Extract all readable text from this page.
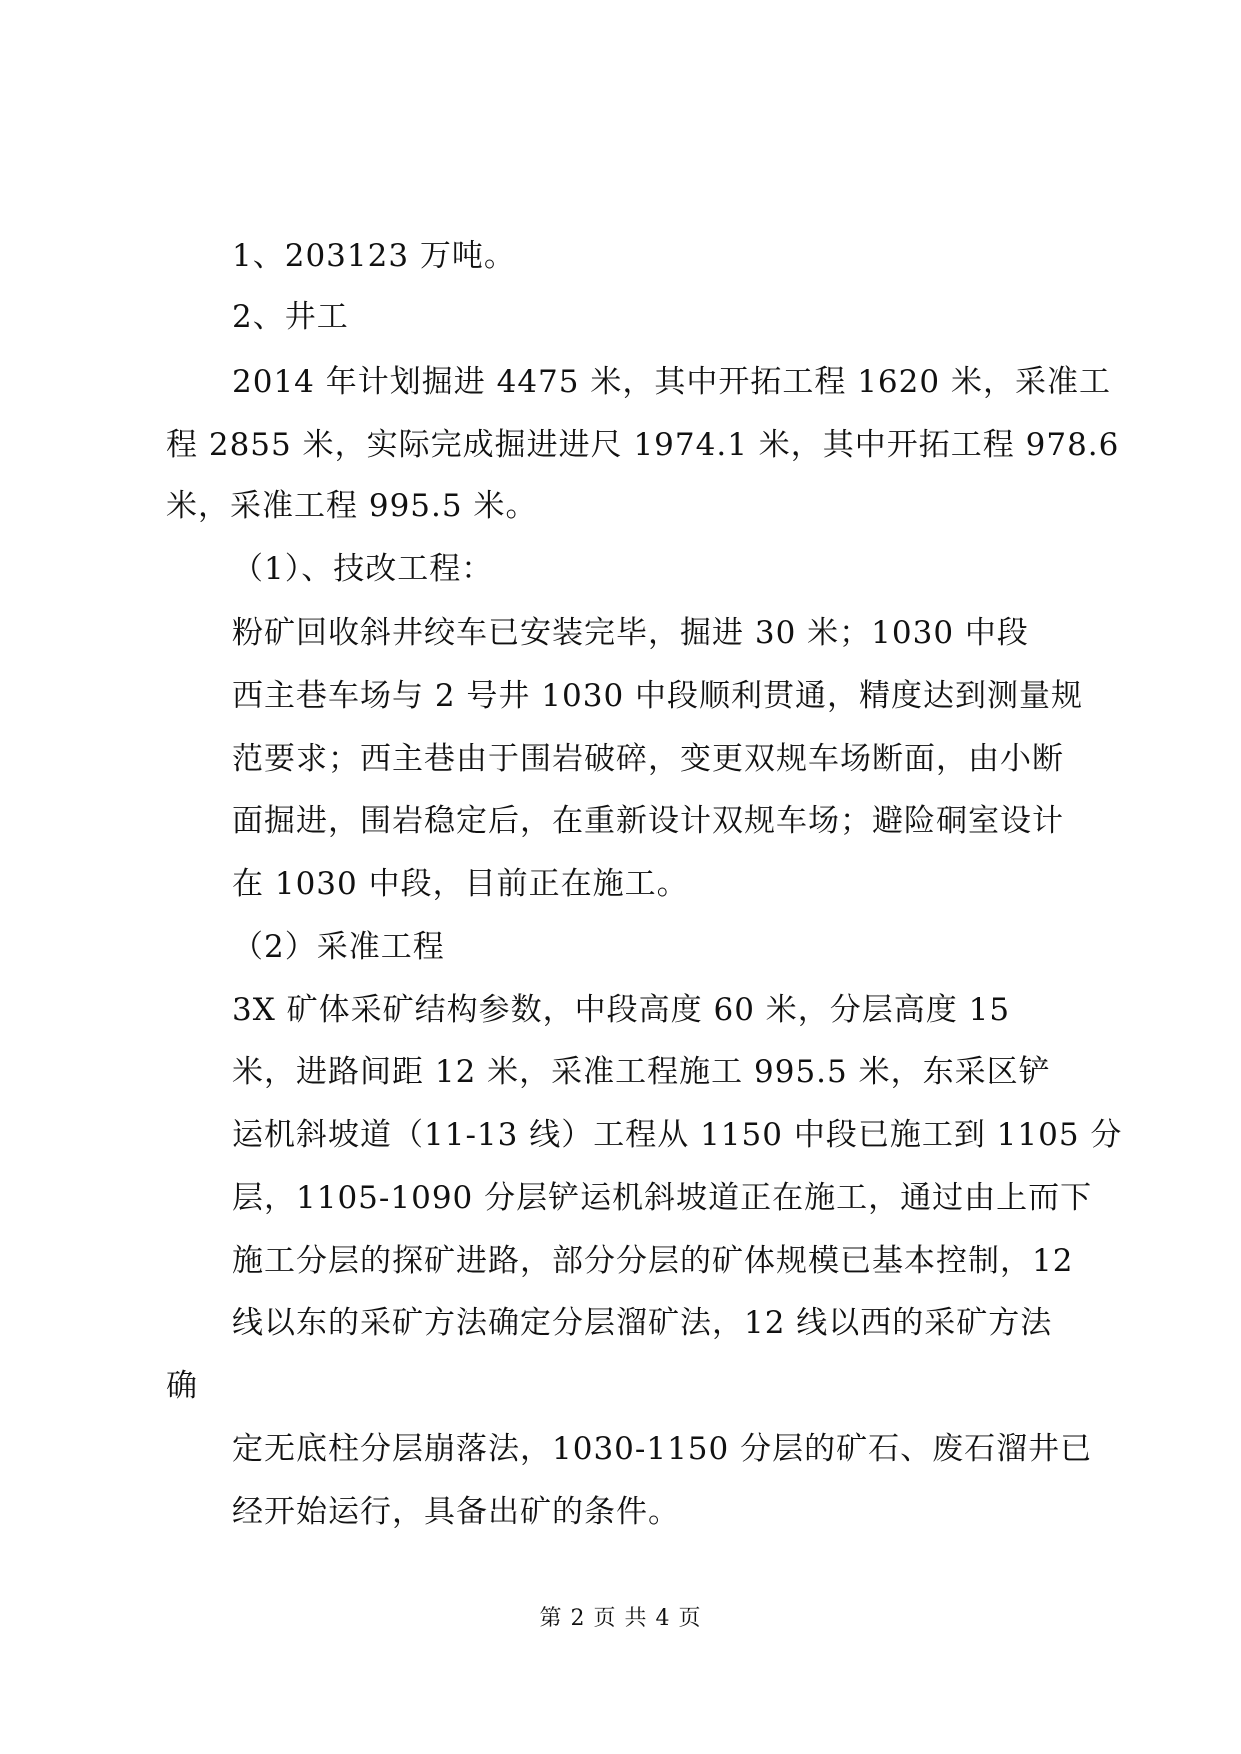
1、203123 万吨。
2、井工
2014 年计划掘进 4475 米，其中开拓工程 1620 米，采准工
程 2855 米，实际完成掘进进尺 1974.1 米，其中开拓工程 978.6
米，采准工程 995.5 米。
（1）、技改工程：
粉矿回收斜井绞车已安装完毕，掘进 30 米；1030 中段
西主巷车场与 2 号井 1030 中段顺利贯通，精度达到测量规
范要求；西主巷由于围岩破碎，变更双规车场断面，由小断
面掘进，围岩稳定后，在重新设计双规车场；避险硐室设计
在 1030 中段，目前正在施工。
（2）采准工程
3X 矿体采矿结构参数，中段高度 60 米，分层高度 15
米，进路间距 12 米，采准工程施工 995.5 米，东采区铲
运机斜坡道（11-13 线）工程从 1150 中段已施工到 1105 分
层，1105-1090 分层铲运机斜坡道正在施工，通过由上而下
施工分层的探矿进路，部分分层的矿体规模已基本控制，12
线以东的采矿方法确定分层溜矿法，12 线以西的采矿方法
确
定无底柱分层崩落法，1030-1150 分层的矿石、废石溜井已
经开始运行，具备出矿的条件。
第 2 页 共 4 页
